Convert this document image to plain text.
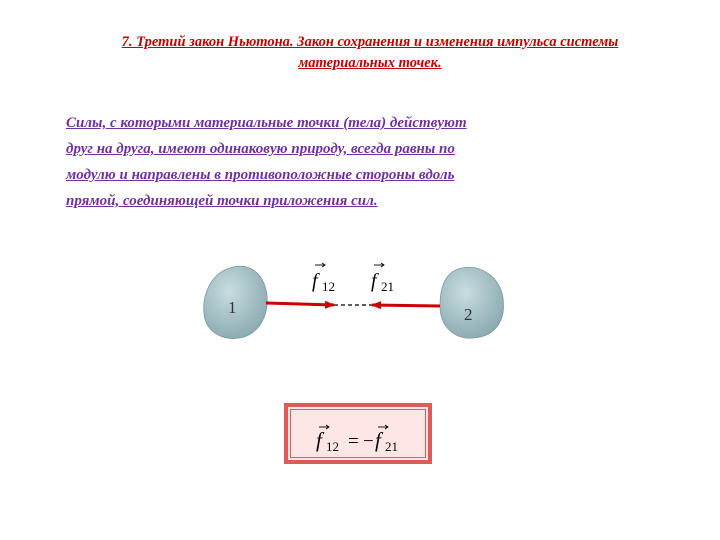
7. Третий закон Ньютона. Закон сохранения и изменения импульса системы
материальных точек.
Силы, с которыми материальные точки (тела) действуют
друг на друга, имеют одинаковую природу, всегда равны по
модулю и направлены в противоположные стороны вдоль
прямой, соединяющей точки приложения сил.
1	2
f 12 f 21
f 12 = − f 21
